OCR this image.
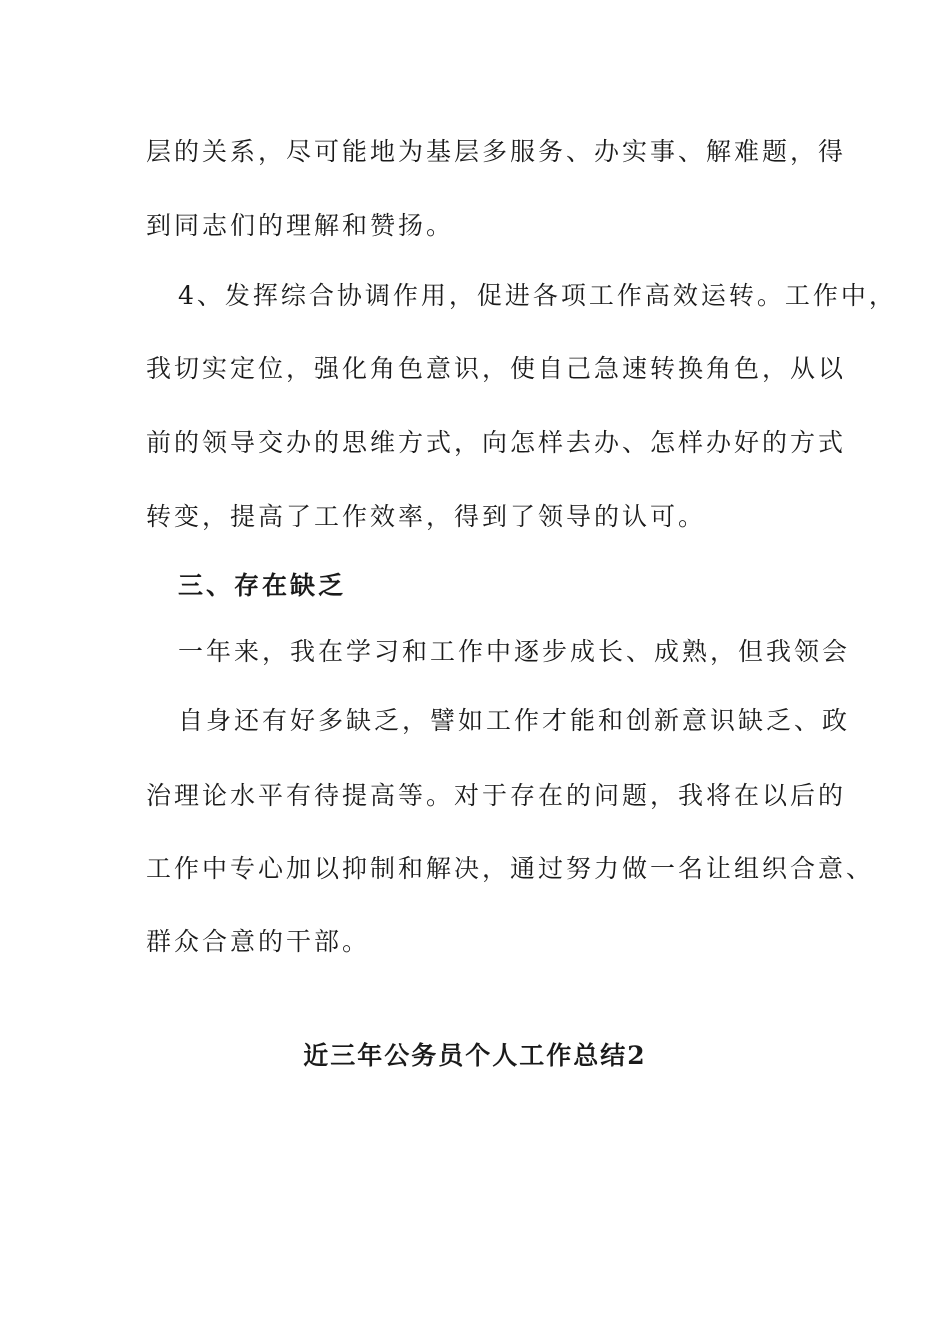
层的关系，尽可能地为基层多服务、办实事、解难题，得
到同志们的理解和赞扬。
4、发挥综合协调作用，促进各项工作高效运转。工作中，
我切实定位，强化角色意识，使自己急速转换角色，从以
前的领导交办的思维方式，向怎样去办、怎样办好的方式
转变，提高了工作效率，得到了领导的认可。
三、存在缺乏
一年来，我在学习和工作中逐步成长、成熟，但我领会
自身还有好多缺乏，譬如工作才能和创新意识缺乏、政
治理论水平有待提高等。对于存在的问题，我将在以后的
工作中专心加以抑制和解决，通过努力做一名让组织合意、
群众合意的干部。
近三年公务员个人工作总结2
